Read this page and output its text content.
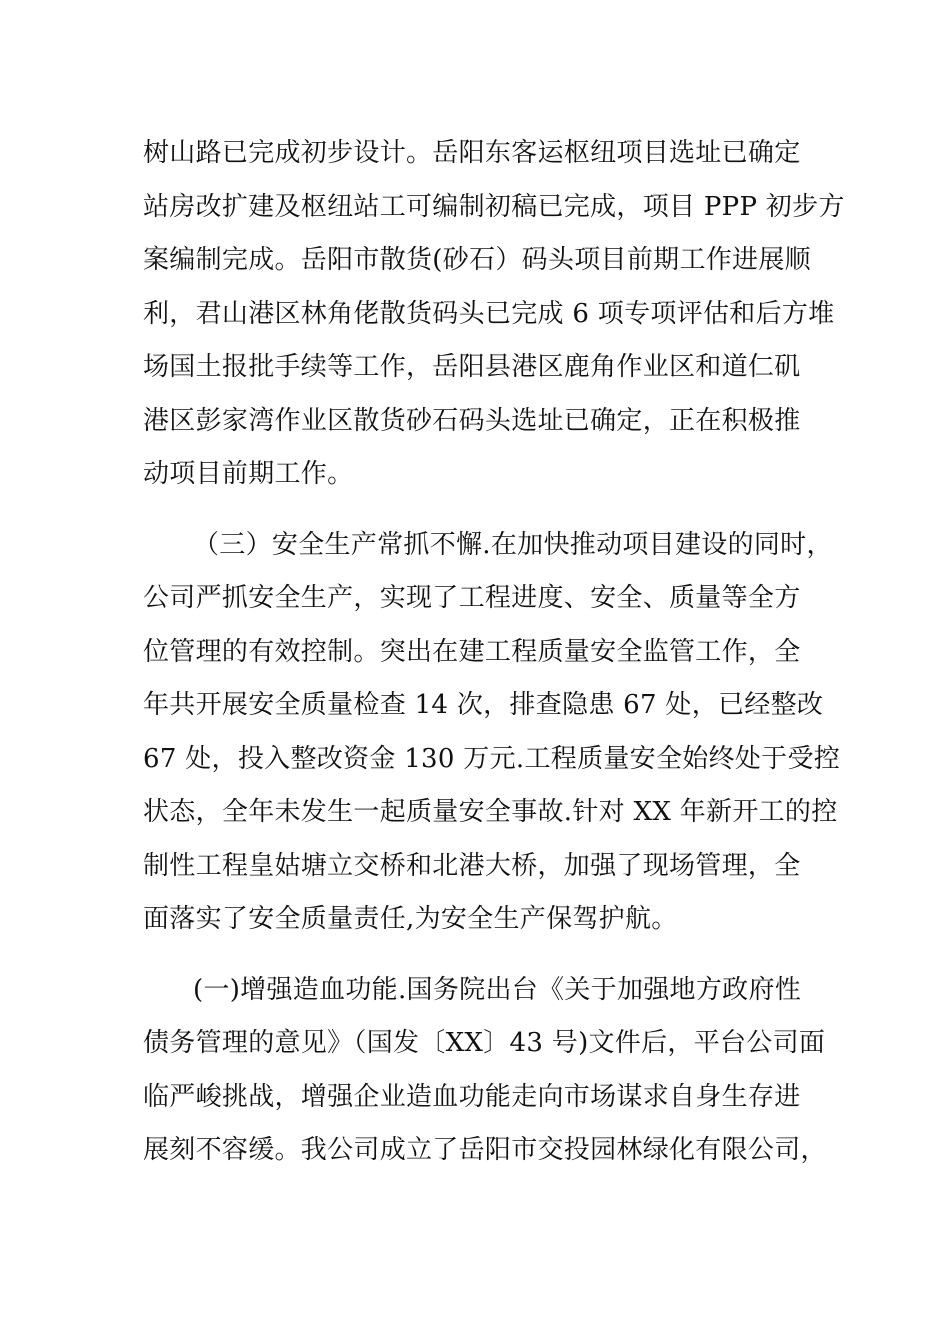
树山路已完成初步设计。岳阳东客运枢纽项目选址已确定
站房改扩建及枢纽站工可编制初稿已完成，项目 PPP 初步方
案编制完成。岳阳市散货(砂石）码头项目前期工作进展顺
利，君山港区林角佬散货码头已完成 6 项专项评估和后方堆
场国土报批手续等工作，岳阳县港区鹿角作业区和道仁矶
港区彭家湾作业区散货砂石码头选址已确定，正在积极推
动项目前期工作。
（三）安全生产常抓不懈.在加快推动项目建设的同时，
公司严抓安全生产，实现了工程进度、安全、质量等全方
位管理的有效控制。突出在建工程质量安全监管工作，全
年共开展安全质量检查 14 次，排查隐患 67 处，已经整改
67 处，投入整改资金 130 万元.工程质量安全始终处于受控
状态，全年未发生一起质量安全事故.针对 XX 年新开工的控
制性工程皇姑塘立交桥和北港大桥，加强了现场管理，全
面落实了安全质量责任,为安全生产保驾护航。
(一)增强造血功能.国务院出台《关于加强地方政府性
债务管理的意见》（国发〔XX〕43 号)文件后，平台公司面
临严峻挑战，增强企业造血功能走向市场谋求自身生存进
展刻不容缓。我公司成立了岳阳市交投园林绿化有限公司，
